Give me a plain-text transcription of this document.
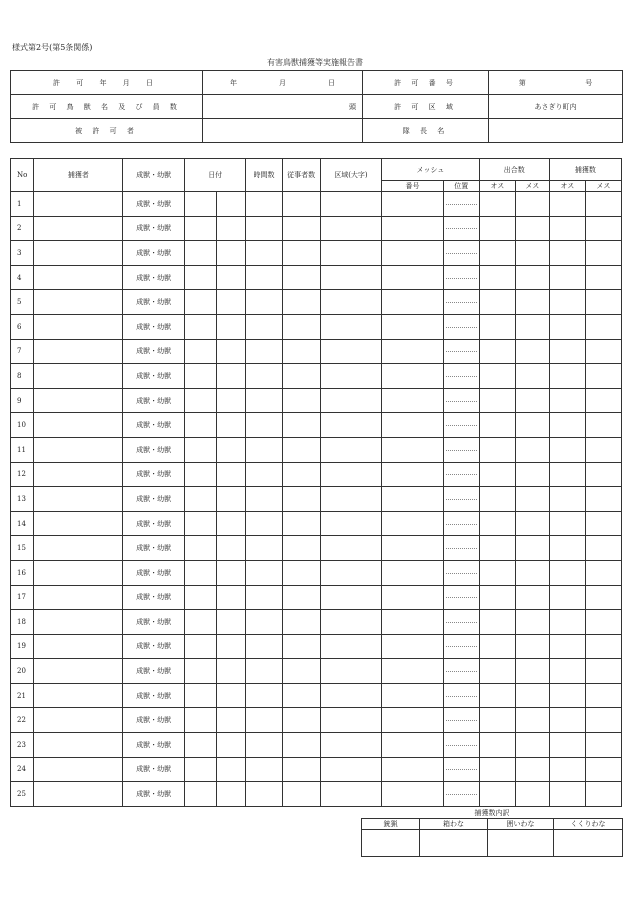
様式第2号(第5条関係)
有害鳥獣捕獲等実施報告書
許 可 年 月 日	年 月 日	許 可 番 号	第 号

許 可 鳥 獣 名 及 び 員 数	頭	許 可 区 域	あさぎり町内
被 許 可 者		隊 長 名	
No	捕獲者	成獣・幼獣	日付		時間数	従事者数	区域(大字)	メッシュ		出合数		捕獲数	
								番号	位置	オス	メス	オス	メス
1		成獣・幼獣											
2		成獣・幼獣											
3		成獣・幼獣											
4		成獣・幼獣											
5		成獣・幼獣											
6		成獣・幼獣											
7		成獣・幼獣											
8		成獣・幼獣											
9		成獣・幼獣											
10		成獣・幼獣											
11		成獣・幼獣											
12		成獣・幼獣											
13		成獣・幼獣											
14		成獣・幼獣											
15		成獣・幼獣											
16		成獣・幼獣											
17		成獣・幼獣											
18		成獣・幼獣											
19		成獣・幼獣											
20		成獣・幼獣											
21		成獣・幼獣											
22		成獣・幼獣											
23		成獣・幼獣											
24		成獣・幼獣											
25		成獣・幼獣											
捕獲数内訳			
銃猟	箱わな	囲いわな	くくりわな
